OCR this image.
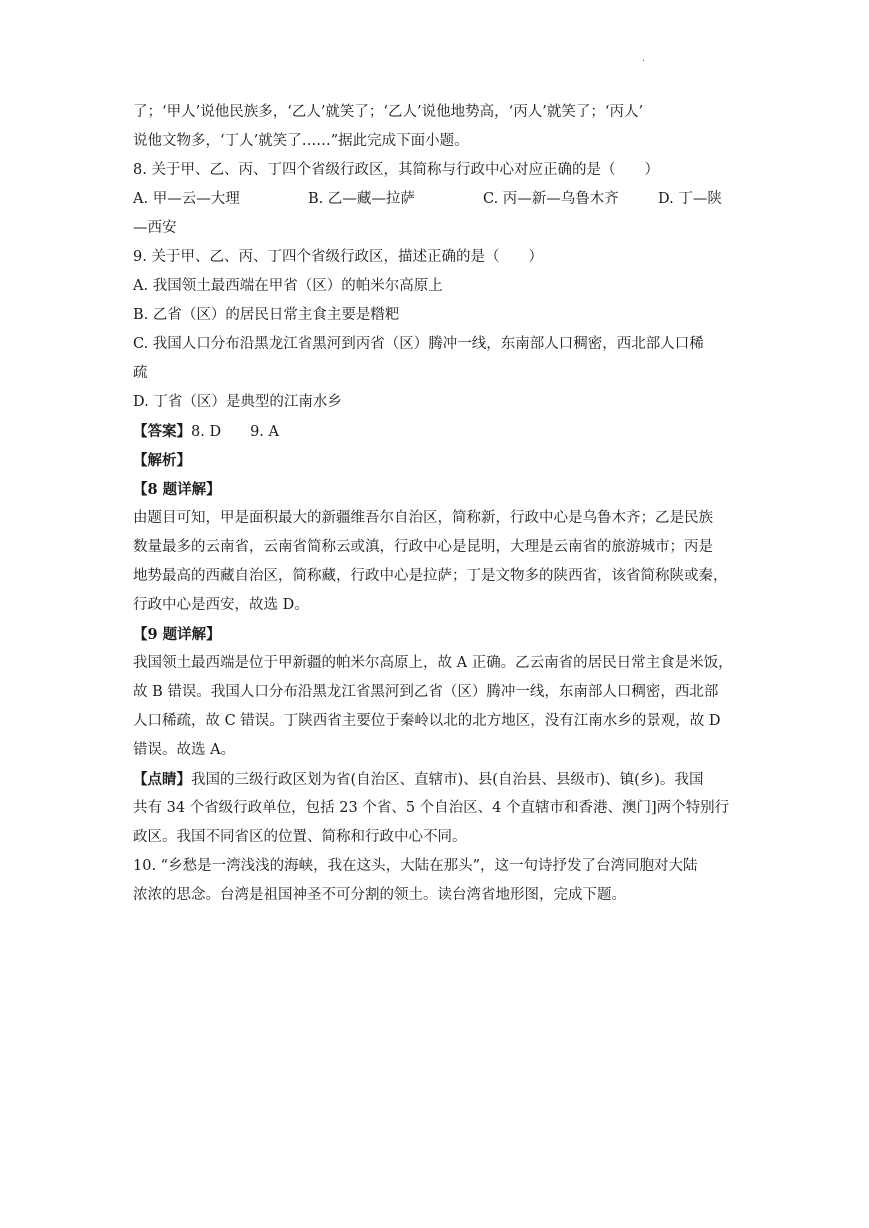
·
了；‘甲人’说他民族多，‘乙人’就笑了；‘乙人’说他地势高，‘丙人’就笑了；‘丙人’
说他文物多，‘丁人’就笑了……”据此完成下面小题。
8. 关于甲、乙、丙、丁四个省级行政区，其简称与行政中心对应正确的是（　　）
A. 甲—云—大理	B. 乙—藏—拉萨	C. 丙—新—乌鲁木齐	D. 丁—陕
—西安
9. 关于甲、乙、丙、丁四个省级行政区，描述正确的是（　　）
A. 我国领土最西端在甲省（区）的帕米尔高原上
B. 乙省（区）的居民日常主食主要是糌粑
C. 我国人口分布沿黑龙江省黑河到丙省（区）腾冲一线，东南部人口稠密，西北部人口稀
疏
D. 丁省（区）是典型的江南水乡
【答案】8. D　　9. A
【解析】
【8 题详解】
由题目可知，甲是面积最大的新疆维吾尔自治区，简称新，行政中心是乌鲁木齐；乙是民族
数量最多的云南省，云南省简称云或滇，行政中心是昆明，大理是云南省的旅游城市；丙是
地势最高的西藏自治区，简称藏，行政中心是拉萨；丁是文物多的陕西省，该省简称陕或秦，
行政中心是西安，故选 D。
【9 题详解】
我国领土最西端是位于甲新疆的帕米尔高原上，故 A 正确。乙云南省的居民日常主食是米饭，
故 B 错误。我国人口分布沿黑龙江省黑河到乙省（区）腾冲一线，东南部人口稠密，西北部
人口稀疏，故 C 错误。丁陕西省主要位于秦岭以北的北方地区，没有江南水乡的景观，故 D
错误。故选 A。
【点睛】我国的三级行政区划为省(自治区、直辖市)、县(自治县、县级市)、镇(乡)。我国
共有 34 个省级行政单位，包括 23 个省、5 个自治区、4 个直辖市和香港、澳门]两个特别行
政区。我国不同省区的位置、简称和行政中心不同。
10. “乡愁是一湾浅浅的海峡，我在这头，大陆在那头”，这一句诗抒发了台湾同胞对大陆
浓浓的思念。台湾是祖国神圣不可分割的领土。读台湾省地形图，完成下题。
